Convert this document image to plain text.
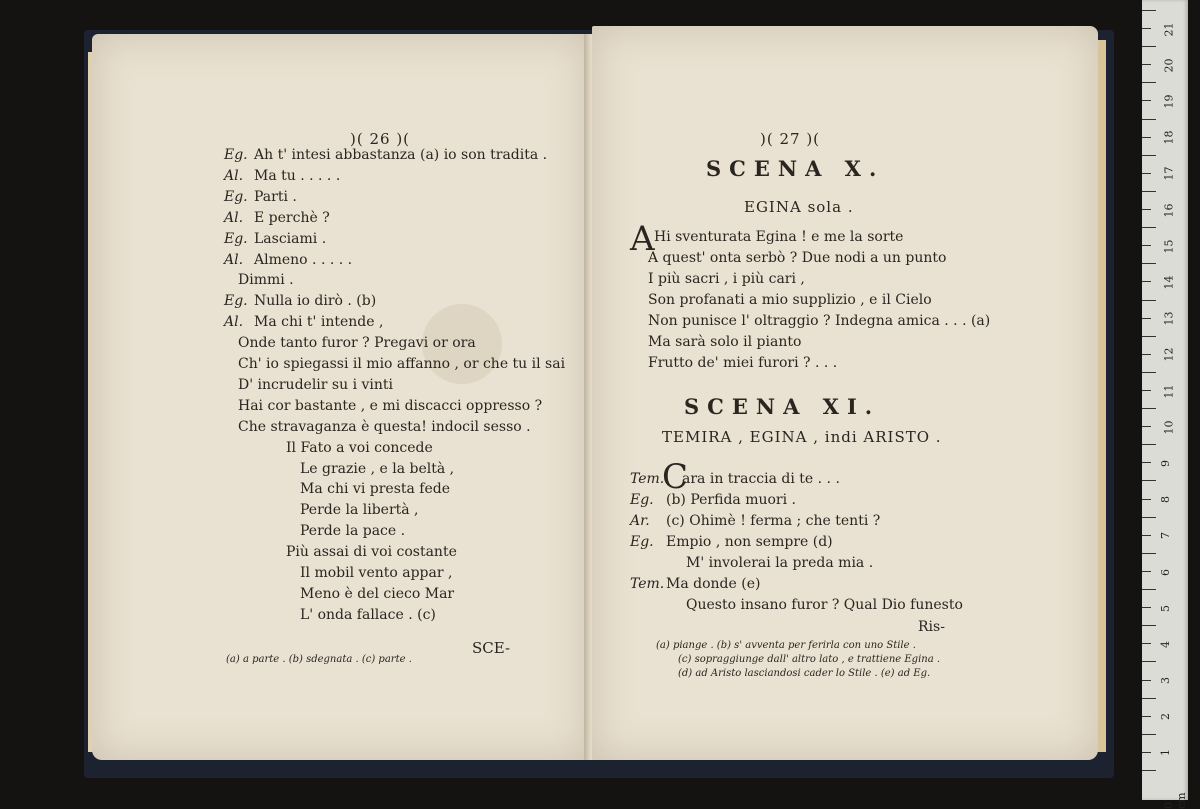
)( 26 )(
Eg. Ah t' intesi abbastanza (a) io son tradita .
Al. Ma tu . . . . .
Eg. Parti .
Al. E perchè ?
Eg. Lasciami .
Al. Almeno . . . . .
Dimmi .
Eg. Nulla io dirò . (b)
Al. Ma chi t' intende ,
Onde tanto furor ? Pregavi or ora
Ch' io spiegassi il mio affanno , or che tu il sai
D' incrudelir su i vinti
Hai cor bastante , e mi discacci oppresso ?
Che stravaganza è questa! indocil sesso .
Il Fato a voi concede
Le grazie , e la beltà ,
Ma chi vi presta fede
Perde la libertà ,
Perde la pace .
Più assai di voi costante
Il mobil vento appar ,
Meno è del cieco Mar
L' onda fallace . (c)
SCE-
(a) a parte . (b) sdegnata . (c) parte .
)( 27 )(
SCENA X.
EGINA sola .
A Hi sventurata Egina ! e me la sorte
A quest' onta serbò ? Due nodi a un punto
I più sacri , i più cari ,
Son profanati a mio supplizio , e il Cielo
Non punisce l' oltraggio ? Indegna amica . . . (a)
Ma sarà solo il pianto
Frutto de' miei furori ? . . .
SCENA XI.
TEMIRA , EGINA , indi ARISTO .
C
Tem. ara in traccia di te . . .
Eg. (b) Perfida muori .
Ar. (c) Ohimè ! ferma ; che tenti ?
Eg. Empio , non sempre (d)
M' involerai la preda mia .
Tem. Ma donde (e)
Questo insano furor ? Qual Dio funesto
Ris-
(a) piange . (b) s' avventa per ferirla con uno Stile .
(c) sopraggiunge dall' altro lato , e trattiene Egina .
(d) ad Aristo lasciandosi cader lo Stile . (e) ad Eg.
21
20
19
18
17
16
15
14
13
12
11
10
9
8
7
6
5
4
3
2
1
0 cm
